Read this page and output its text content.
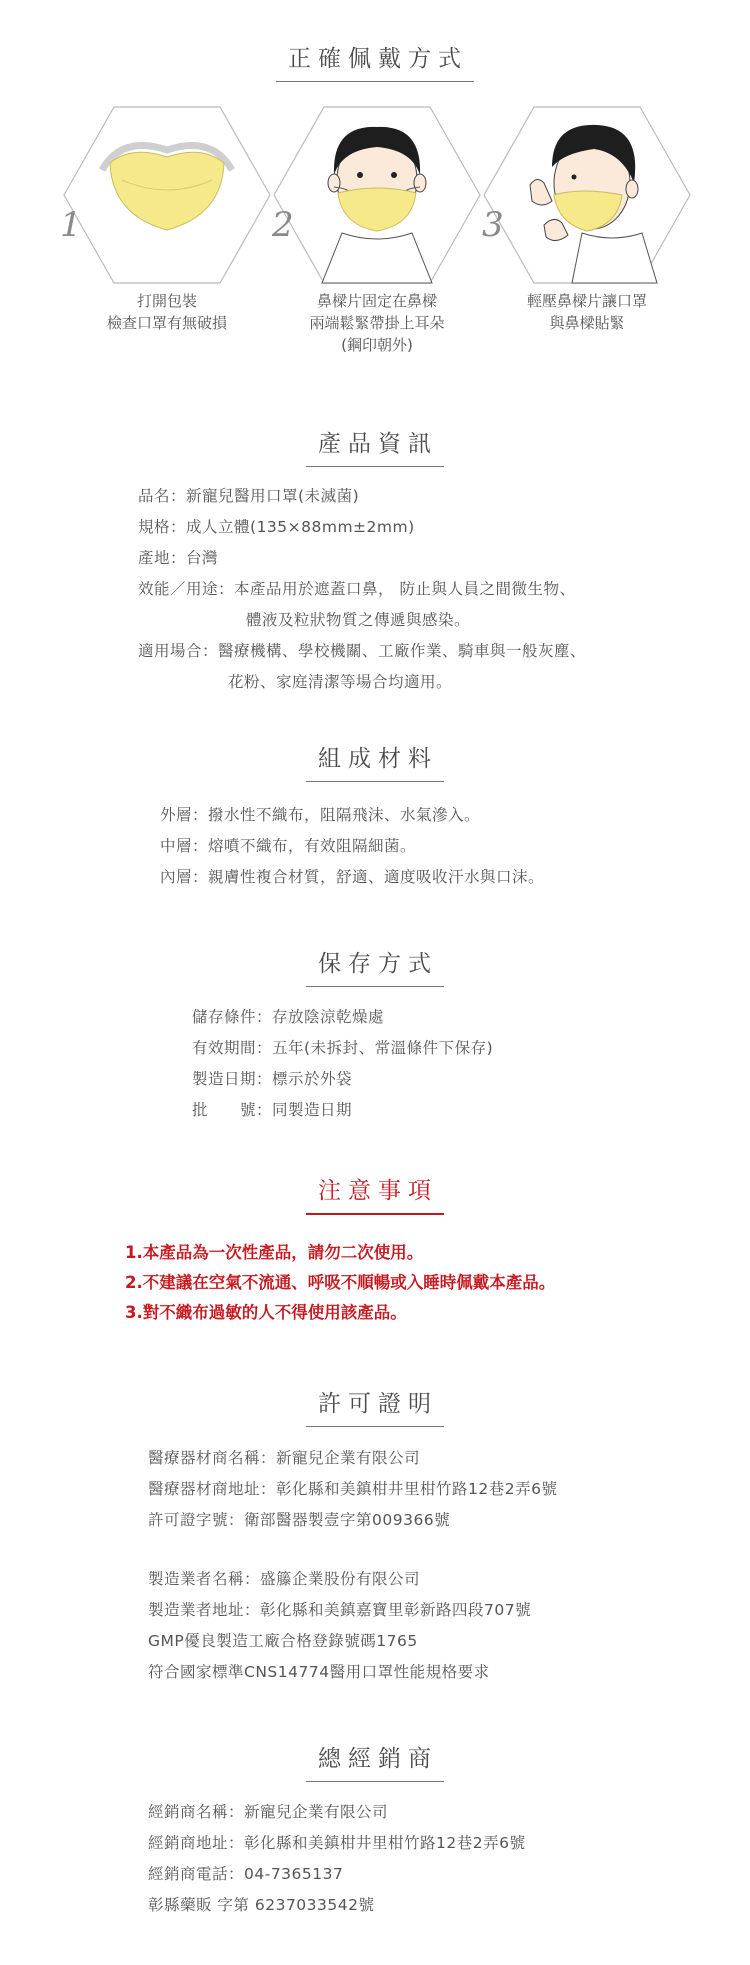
正確佩戴方式
1
打開包裝
檢查口罩有無破損
2
鼻樑片固定在鼻樑
兩端鬆緊帶掛上耳朵
(鋼印朝外)
3
輕壓鼻樑片讓口罩
與鼻樑貼緊
產品資訊
品名： 新寵兒醫用口罩(未滅菌)
規格： 成人立體(135×88mm±2mm)
產地： 台灣
效能／用途： 本產品用於遮蓋口鼻， 防止與人員之間微生物、
體液及粒狀物質之傳遞與感染。
適用場合： 醫療機構、學校機關、工廠作業、騎車與一般灰塵、
花粉、家庭清潔等場合均適用。
組成材料
外層： 撥水性不織布，阻隔飛沫、水氣滲入。
中層： 熔噴不織布，有效阻隔細菌。
內層： 親膚性複合材質，舒適、適度吸收汗水與口沫。
保存方式
儲存條件： 存放陰涼乾燥處
有效期間： 五年(未拆封、常溫條件下保存)
製造日期： 標示於外袋
批　　號： 同製造日期
注意事項
1.本產品為一次性產品，請勿二次使用。
2.不建議在空氣不流通、呼吸不順暢或入睡時佩戴本產品。
3.對不織布過敏的人不得使用該產品。
許可證明
醫療器材商名稱：新寵兒企業有限公司
醫療器材商地址：彰化縣和美鎮柑井里柑竹路12巷2弄6號
許可證字號：衛部醫器製壹字第009366號
製造業者名稱：盛籐企業股份有限公司
製造業者地址：彰化縣和美鎮嘉寶里彰新路四段707號
GMP優良製造工廠合格登錄號碼1765
符合國家標準CNS14774醫用口罩性能規格要求
總經銷商
經銷商名稱：新寵兒企業有限公司
經銷商地址：彰化縣和美鎮柑井里柑竹路12巷2弄6號
經銷商電話：04-7365137
彰縣藥販 字第 6237033542號
